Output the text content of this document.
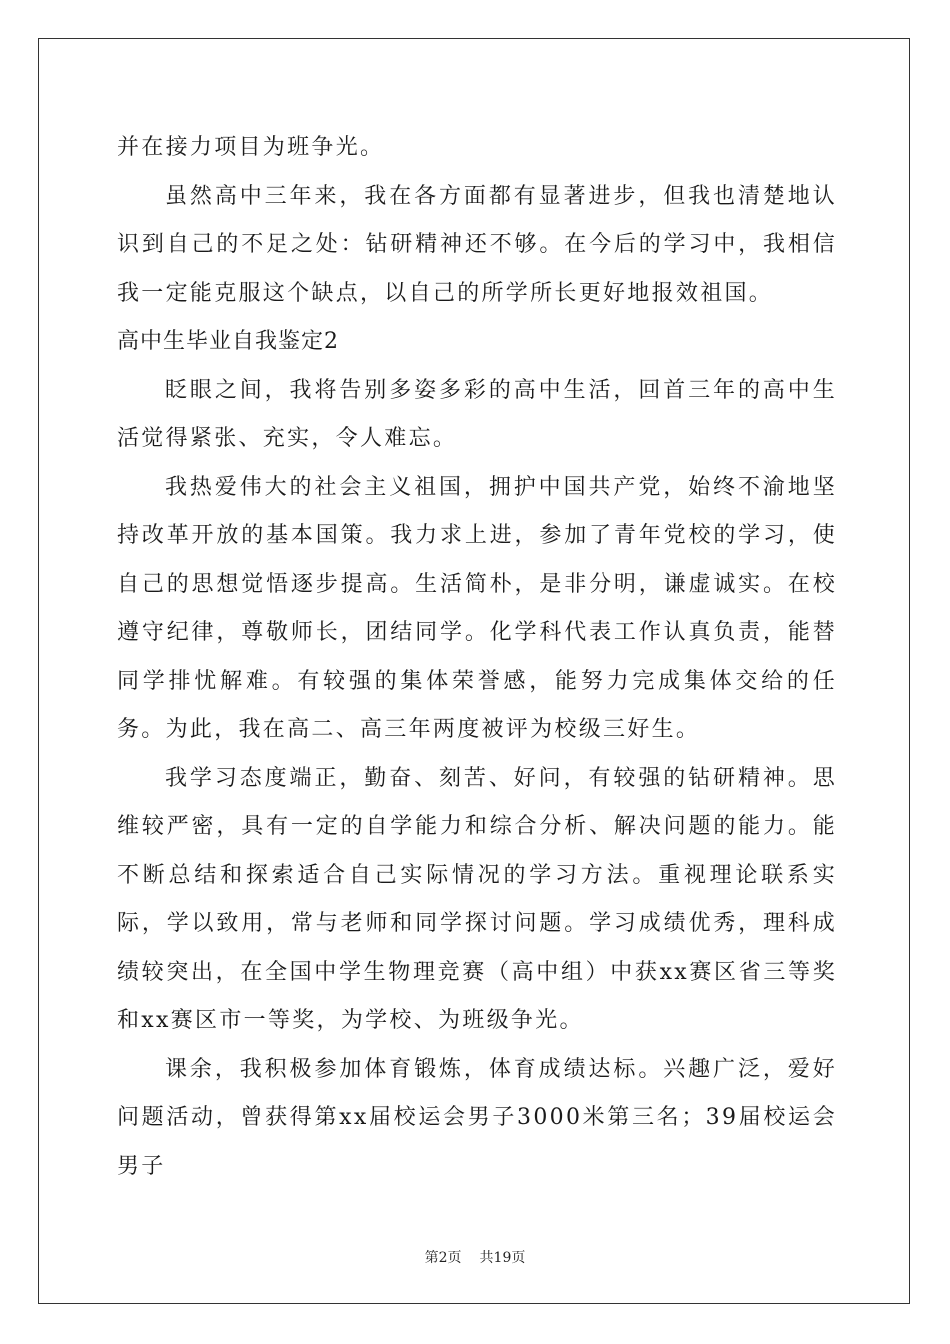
并在接力项目为班争光。

虽然高中三年来，我在各方面都有显著进步，但我也清楚地认识到自己的不足之处：钻研精神还不够。在今后的学习中，我相信我一定能克服这个缺点，以自己的所学所长更好地报效祖国。

高中生毕业自我鉴定2

眨眼之间，我将告别多姿多彩的高中生活，回首三年的高中生活觉得紧张、充实，令人难忘。

我热爱伟大的社会主义祖国，拥护中国共产党，始终不渝地坚持改革开放的基本国策。我力求上进，参加了青年党校的学习，使自己的思想觉悟逐步提高。生活简朴，是非分明，谦虚诚实。在校遵守纪律，尊敬师长，团结同学。化学科代表工作认真负责，能替同学排忧解难。有较强的集体荣誉感，能努力完成集体交给的任务。为此，我在高二、高三年两度被评为校级三好生。

我学习态度端正，勤奋、刻苦、好问，有较强的钻研精神。思维较严密，具有一定的自学能力和综合分析、解决问题的能力。能不断总结和探索适合自己实际情况的学习方法。重视理论联系实际，学以致用，常与老师和同学探讨问题。学习成绩优秀，理科成绩较突出，在全国中学生物理竞赛（高中组）中获xx赛区省三等奖和xx赛区市一等奖，为学校、为班级争光。

课余，我积极参加体育锻炼，体育成绩达标。兴趣广泛，爱好问题活动，曾获得第xx届校运会男子3000米第三名；39届校运会男子

第2页 共19页
